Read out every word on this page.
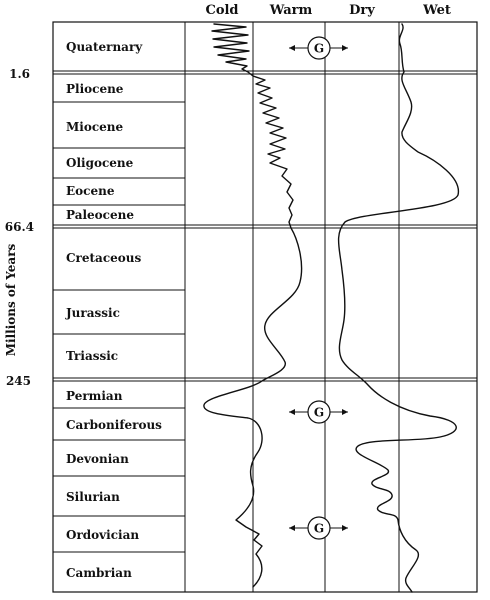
Cold Warm	Dry	Wet
Quaternary
Pliocene
Miocene
Oligocene
Eocene
Paleocene
Cretaceous
Jurassic
Triassic
Permian
Carboniferous
Devonian
Silurian
Ordovician
Cambrian
1.6
66.4
245
Millions of Years
G
G
G
